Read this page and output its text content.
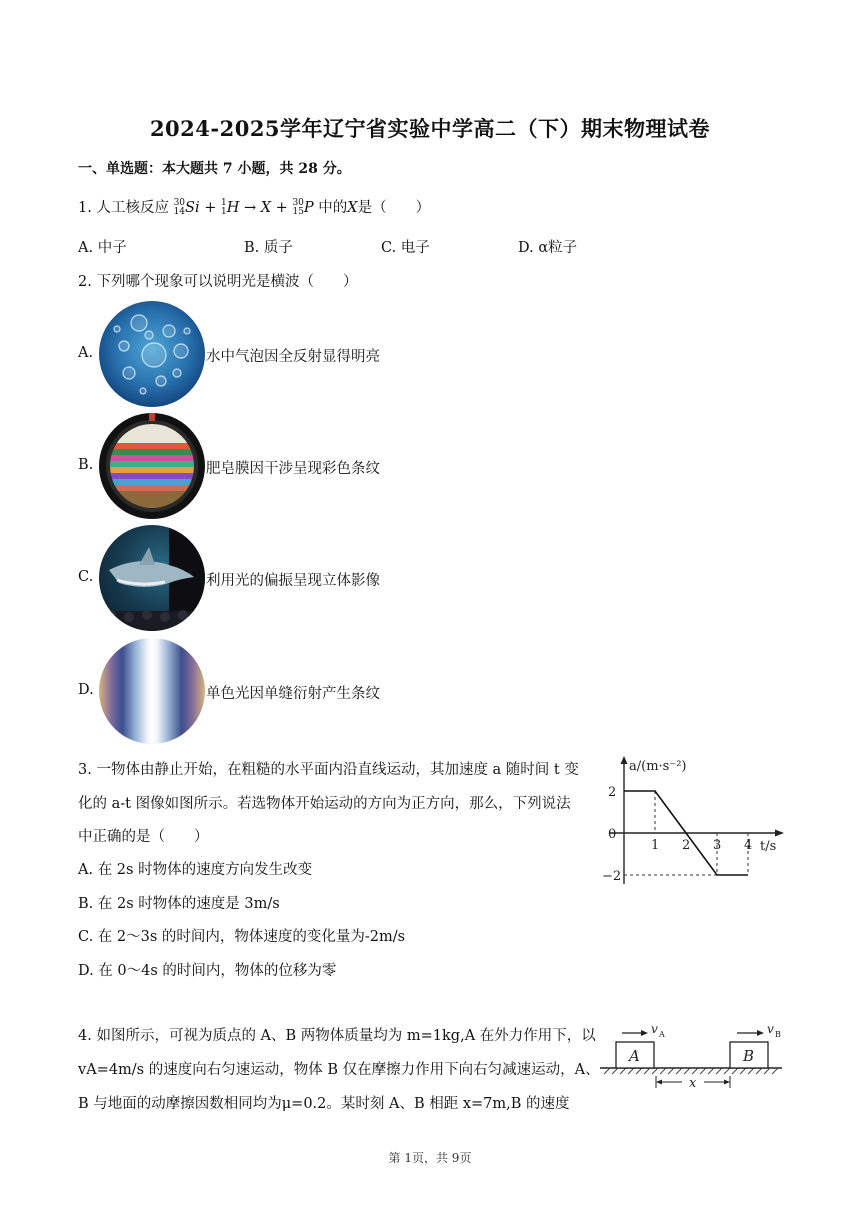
2024-2025学年辽宁省实验中学高二（下）期末物理试卷
一、单选题：本大题共 7 小题，共 28 分。
1. 人工核反应 30
14 Si + 1
1 H → X + 30
15 P 中的X是（　　）
A. 中子	B. 质子	C. 电子	D. α粒子
2. 下列哪个现象可以说明光是横波（　　）
A.	水中气泡因全反射显得明亮
B.	肥皂膜因干涉呈现彩色条纹
C.	利用光的偏振呈现立体影像
D.	单色光因单缝衍射产生条纹
3. 一物体由静止开始，在粗糙的水平面内沿直线运动，其加速度 a 随时间 t 变
化的 a-t 图像如图所示。若选物体开始运动的方向为正方向，那么，下列说法
中正确的是（　　）
A. 在 2s 时物体的速度方向发生改变
B. 在 2s 时物体的速度是 3m/s
C. 在 2～3s 的时间内，物体速度的变化量为-2m/s
D. 在 0～4s 的时间内，物体的位移为零
a/(m·s⁻²)
t/s
1 2 3 4
2
0
−2
4. 如图所示，可视为质点的 A、B 两物体质量均为 m=1kg,A 在外力作用下，以
vA=4m/s 的速度向右匀速运动，物体 B 仅在摩擦力作用下向右匀减速运动，A、
B 与地面的动摩擦因数相同均为μ=0.2。某时刻 A、B 相距 x=7m,B 的速度
A	B
v A	v B
x
第 1页，共 9页
